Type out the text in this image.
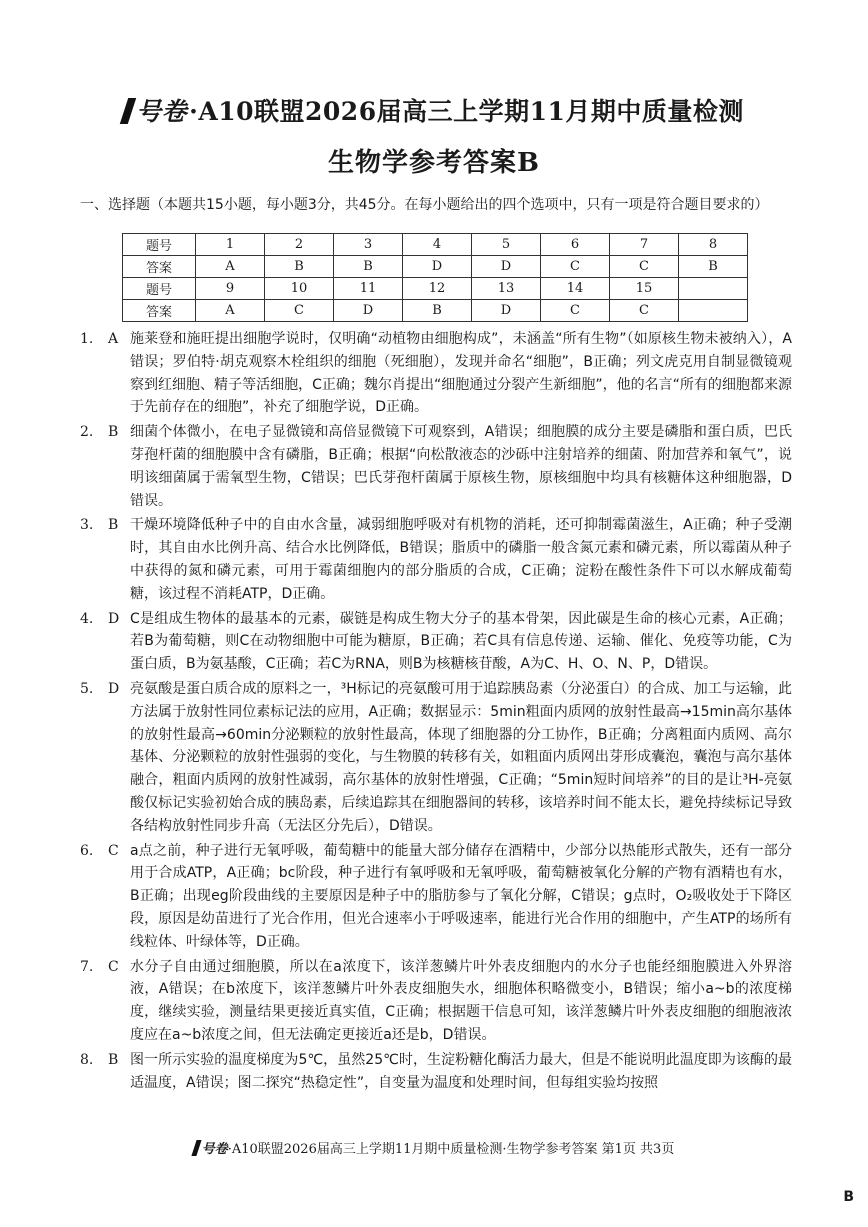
号卷·A10联盟2026届高三上学期11月期中质量检测
生物学参考答案B
一、选择题（本题共15小题，每小题3分，共45分。在每小题给出的四个选项中，只有一项是符合题目要求的）
题号	1	2	3	4	5	6	7	8
答案	A	B	B	D	D	C	C	B
题号	9	10	11	12	13	14	15	
答案	A	C	D	B	D	C	C	
1.	A 施莱登和施旺提出细胞学说时，仅明确“动植物由细胞构成”，未涵盖“所有生物”（如原核生物未被纳入），A错误；罗伯特·胡克观察木栓组织的细胞（死细胞），发现并命名“细胞”，B正确；列文虎克用自制显微镜观察到红细胞、精子等活细胞，C正确；魏尔肖提出“细胞通过分裂产生新细胞”，他的名言“所有的细胞都来源于先前存在的细胞”，补充了细胞学说，D正确。
2.	B 细菌个体微小，在电子显微镜和高倍显微镜下可观察到，A错误；细胞膜的成分主要是磷脂和蛋白质，巴氏芽孢杆菌的细胞膜中含有磷脂，B正确；根据“向松散液态的沙砾中注射培养的细菌、附加营养和氧气”，说明该细菌属于需氧型生物，C错误；巴氏芽孢杆菌属于原核生物，原核细胞中均具有核糖体这种细胞器，D错误。
3.	B 干燥环境降低种子中的自由水含量，减弱细胞呼吸对有机物的消耗，还可抑制霉菌滋生，A正确；种子受潮时，其自由水比例升高、结合水比例降低，B错误；脂质中的磷脂一般含氮元素和磷元素，所以霉菌从种子中获得的氮和磷元素，可用于霉菌细胞内的部分脂质的合成，C正确；淀粉在酸性条件下可以水解成葡萄糖，该过程不消耗ATP，D正确。
4.	D C是组成生物体的最基本的元素，碳链是构成生物大分子的基本骨架，因此碳是生命的核心元素，A正确；若B为葡萄糖，则C在动物细胞中可能为糖原，B正确；若C具有信息传递、运输、催化、免疫等功能，C为蛋白质，B为氨基酸，C正确；若C为RNA，则B为核糖核苷酸，A为C、H、O、N、P，D错误。
5.	D 亮氨酸是蛋白质合成的原料之一，³H标记的亮氨酸可用于追踪胰岛素（分泌蛋白）的合成、加工与运输，此方法属于放射性同位素标记法的应用，A正确；数据显示：5min粗面内质网的放射性最高→15min高尔基体的放射性最高→60min分泌颗粒的放射性最高，体现了细胞器的分工协作，B正确；分离粗面内质网、高尔基体、分泌颗粒的放射性强弱的变化，与生物膜的转移有关，如粗面内质网出芽形成囊泡，囊泡与高尔基体融合，粗面内质网的放射性减弱，高尔基体的放射性增强，C正确；“5min短时间培养”的目的是让³H-亮氨酸仅标记实验初始合成的胰岛素，后续追踪其在细胞器间的转移，该培养时间不能太长，避免持续标记导致各结构放射性同步升高（无法区分先后），D错误。
6.	C a点之前，种子进行无氧呼吸，葡萄糖中的能量大部分储存在酒精中，少部分以热能形式散失，还有一部分用于合成ATP，A正确；bc阶段，种子进行有氧呼吸和无氧呼吸，葡萄糖被氧化分解的产物有酒精也有水，B正确；出现eg阶段曲线的主要原因是种子中的脂肪参与了氧化分解，C错误；g点时，O₂吸收处于下降区段，原因是幼苗进行了光合作用，但光合速率小于呼吸速率，能进行光合作用的细胞中，产生ATP的场所有线粒体、叶绿体等，D正确。
7.	C 水分子自由通过细胞膜，所以在a浓度下，该洋葱鳞片叶外表皮细胞内的水分子也能经细胞膜进入外界溶液，A错误；在b浓度下，该洋葱鳞片叶外表皮细胞失水，细胞体积略微变小，B错误；缩小a~b的浓度梯度，继续实验，测量结果更接近真实值，C正确；根据题干信息可知，该洋葱鳞片叶外表皮细胞的细胞液浓度应在a~b浓度之间，但无法确定更接近a还是b，D错误。
8.	B 图一所示实验的温度梯度为5℃，虽然25℃时，生淀粉糖化酶活力最大，但是不能说明此温度即为该酶的最适温度，A错误；图二探究“热稳定性”，自变量为温度和处理时间，但每组实验均按照
号卷·A10联盟2026届高三上学期11月期中质量检测·生物学参考答案 第1页 共3页
B
